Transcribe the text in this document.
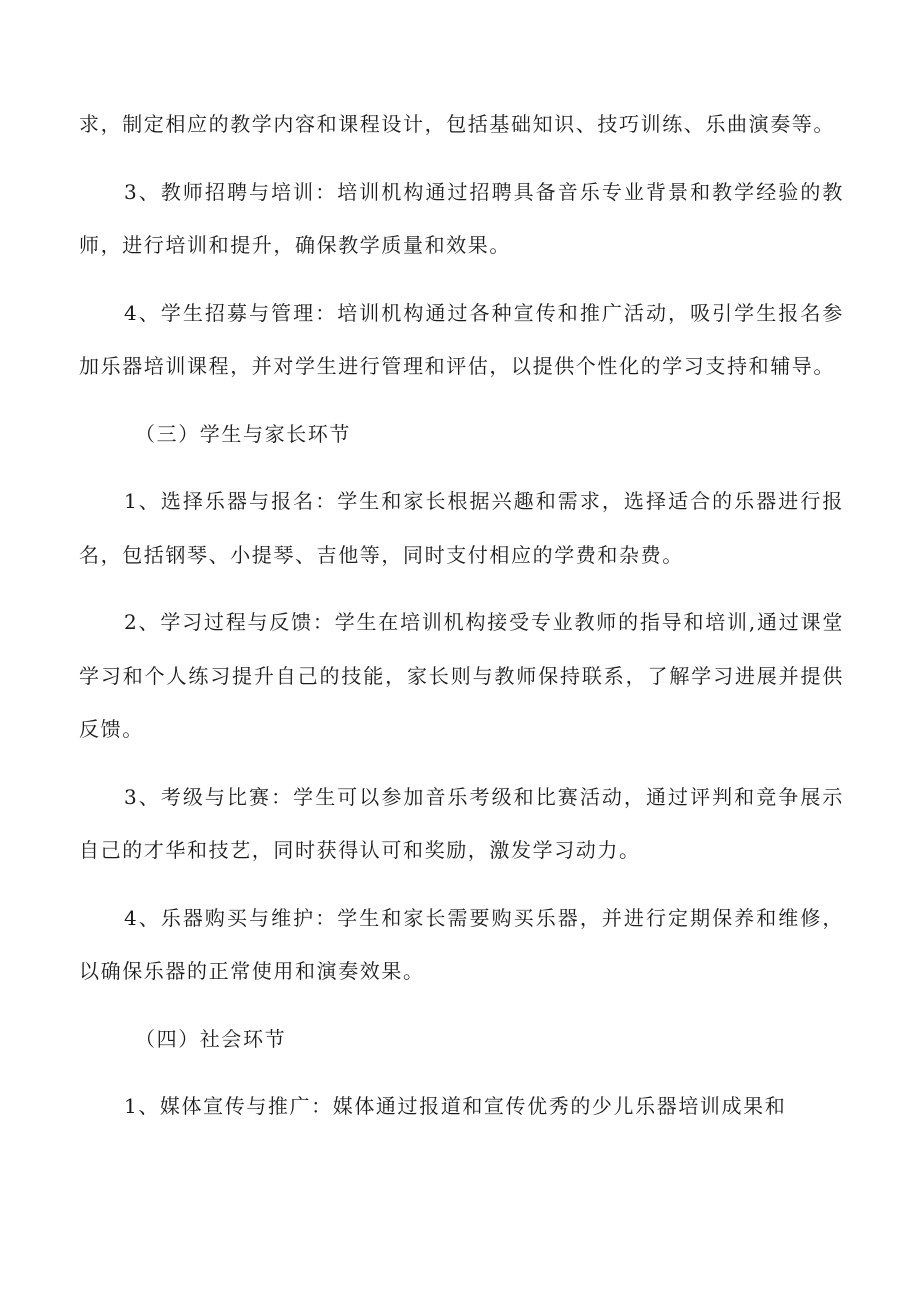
求，制定相应的教学内容和课程设计，包括基础知识、技巧训练、乐曲演奏等。

3、教师招聘与培训：培训机构通过招聘具备音乐专业背景和教学经验的教师，进行培训和提升，确保教学质量和效果。

4、学生招募与管理：培训机构通过各种宣传和推广活动，吸引学生报名参加乐器培训课程，并对学生进行管理和评估，以提供个性化的学习支持和辅导。

（三）学生与家长环节

1、选择乐器与报名：学生和家长根据兴趣和需求，选择适合的乐器进行报名，包括钢琴、小提琴、吉他等，同时支付相应的学费和杂费。

2、学习过程与反馈：学生在培训机构接受专业教师的指导和培训,通过课堂学习和个人练习提升自己的技能，家长则与教师保持联系，了解学习进展并提供反馈。

3、考级与比赛：学生可以参加音乐考级和比赛活动，通过评判和竞争展示自己的才华和技艺，同时获得认可和奖励，激发学习动力。

4、乐器购买与维护：学生和家长需要购买乐器，并进行定期保养和维修，以确保乐器的正常使用和演奏效果。

（四）社会环节

1、媒体宣传与推广：媒体通过报道和宣传优秀的少儿乐器培训成果和
